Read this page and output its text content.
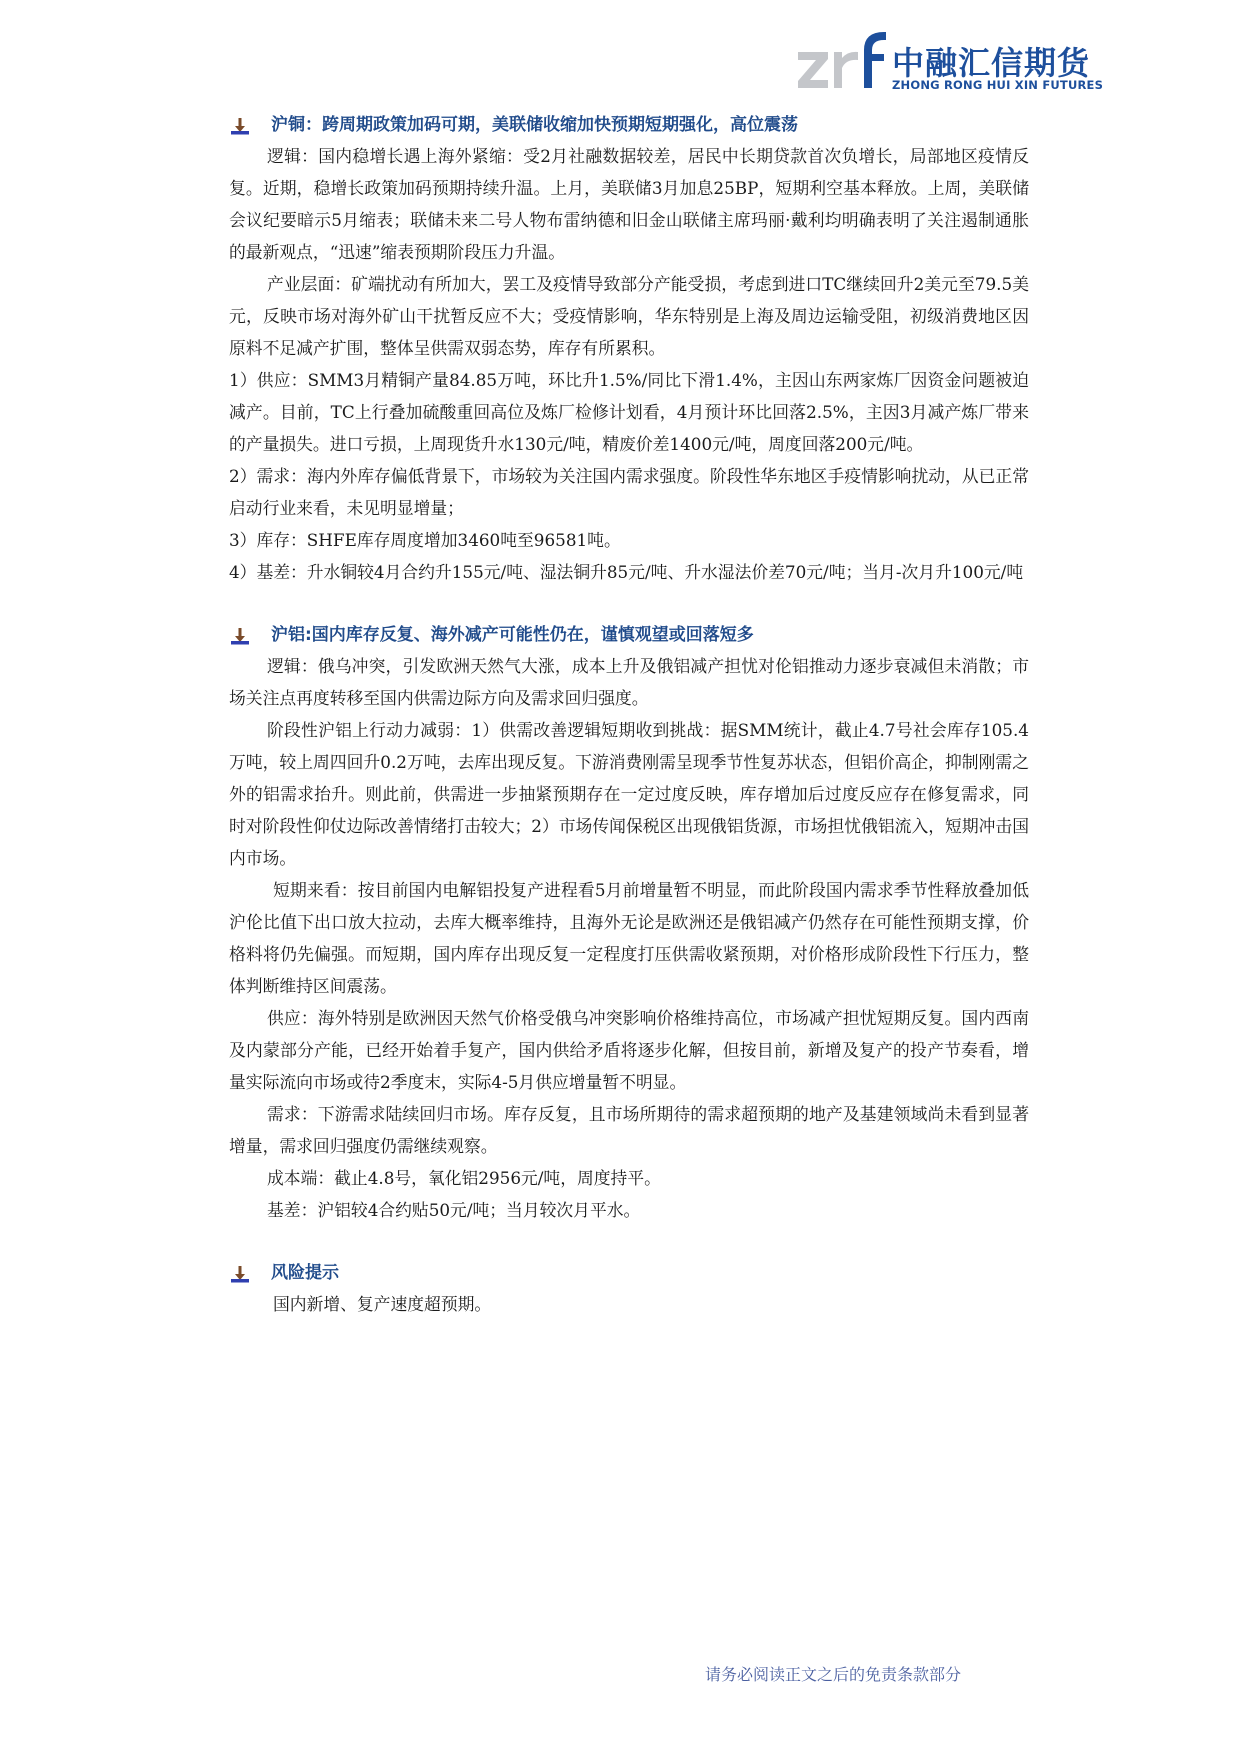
中融汇信期货
ZHONG RONG HUI XIN FUTURES
沪铜：跨周期政策加码可期，美联储收缩加快预期短期强化，高位震荡

逻辑：国内稳增长遇上海外紧缩：受2月社融数据较差，居民中长期贷款首次负增长，局部地区疫情反复。近期，稳增长政策加码预期持续升温。上月，美联储3月加息25BP，短期利空基本释放。上周，美联储会议纪要暗示5月缩表；联储未来二号人物布雷纳德和旧金山联储主席玛丽·戴利均明确表明了关注遏制通胀的最新观点，“迅速”缩表预期阶段压力升温。

产业层面：矿端扰动有所加大，罢工及疫情导致部分产能受损，考虑到进口TC继续回升2美元至79.5美元，反映市场对海外矿山干扰暂反应不大；受疫情影响，华东特别是上海及周边运输受阻，初级消费地区因原料不足减产扩围，整体呈供需双弱态势，库存有所累积。

1）供应：SMM3月精铜产量84.85万吨，环比升1.5%/同比下滑1.4%，主因山东两家炼厂因资金问题被迫减产。目前，TC上行叠加硫酸重回高位及炼厂检修计划看，4月预计环比回落2.5%，主因3月减产炼厂带来的产量损失。进口亏损，上周现货升水130元/吨，精废价差1400元/吨，周度回落200元/吨。

2）需求：海内外库存偏低背景下，市场较为关注国内需求强度。阶段性华东地区手疫情影响扰动，从已正常启动行业来看，未见明显增量；

3）库存：SHFE库存周度增加3460吨至96581吨。

4）基差：升水铜较4月合约升155元/吨、湿法铜升85元/吨、升水湿法价差70元/吨；当月-次月升100元/吨

沪铝:国内库存反复、海外减产可能性仍在，谨慎观望或回落短多

逻辑：俄乌冲突，引发欧洲天然气大涨，成本上升及俄铝减产担忧对伦铝推动力逐步衰减但未消散；市场关注点再度转移至国内供需边际方向及需求回归强度。

阶段性沪铝上行动力减弱：1）供需改善逻辑短期收到挑战：据SMM统计，截止4.7号社会库存105.4万吨，较上周四回升0.2万吨，去库出现反复。下游消费刚需呈现季节性复苏状态，但铝价高企，抑制刚需之外的铝需求抬升。则此前，供需进一步抽紧预期存在一定过度反映，库存增加后过度反应存在修复需求，同时对阶段性仰仗边际改善情绪打击较大；2）市场传闻保税区出现俄铝货源，市场担忧俄铝流入，短期冲击国内市场。

短期来看：按目前国内电解铝投复产进程看5月前增量暂不明显，而此阶段国内需求季节性释放叠加低沪伦比值下出口放大拉动，去库大概率维持，且海外无论是欧洲还是俄铝减产仍然存在可能性预期支撑，价格料将仍先偏强。而短期，国内库存出现反复一定程度打压供需收紧预期，对价格形成阶段性下行压力，整体判断维持区间震荡。

供应：海外特别是欧洲因天然气价格受俄乌冲突影响价格维持高位，市场减产担忧短期反复。国内西南及内蒙部分产能，已经开始着手复产，国内供给矛盾将逐步化解，但按目前，新增及复产的投产节奏看，增量实际流向市场或待2季度末，实际4-5月供应增量暂不明显。

需求：下游需求陆续回归市场。库存反复，且市场所期待的需求超预期的地产及基建领域尚未看到显著增量，需求回归强度仍需继续观察。

成本端：截止4.8号，氧化铝2956元/吨，周度持平。

基差：沪铝较4合约贴50元/吨；当月较次月平水。

风险提示

国内新增、复产速度超预期。

请务必阅读正文之后的免责条款部分
